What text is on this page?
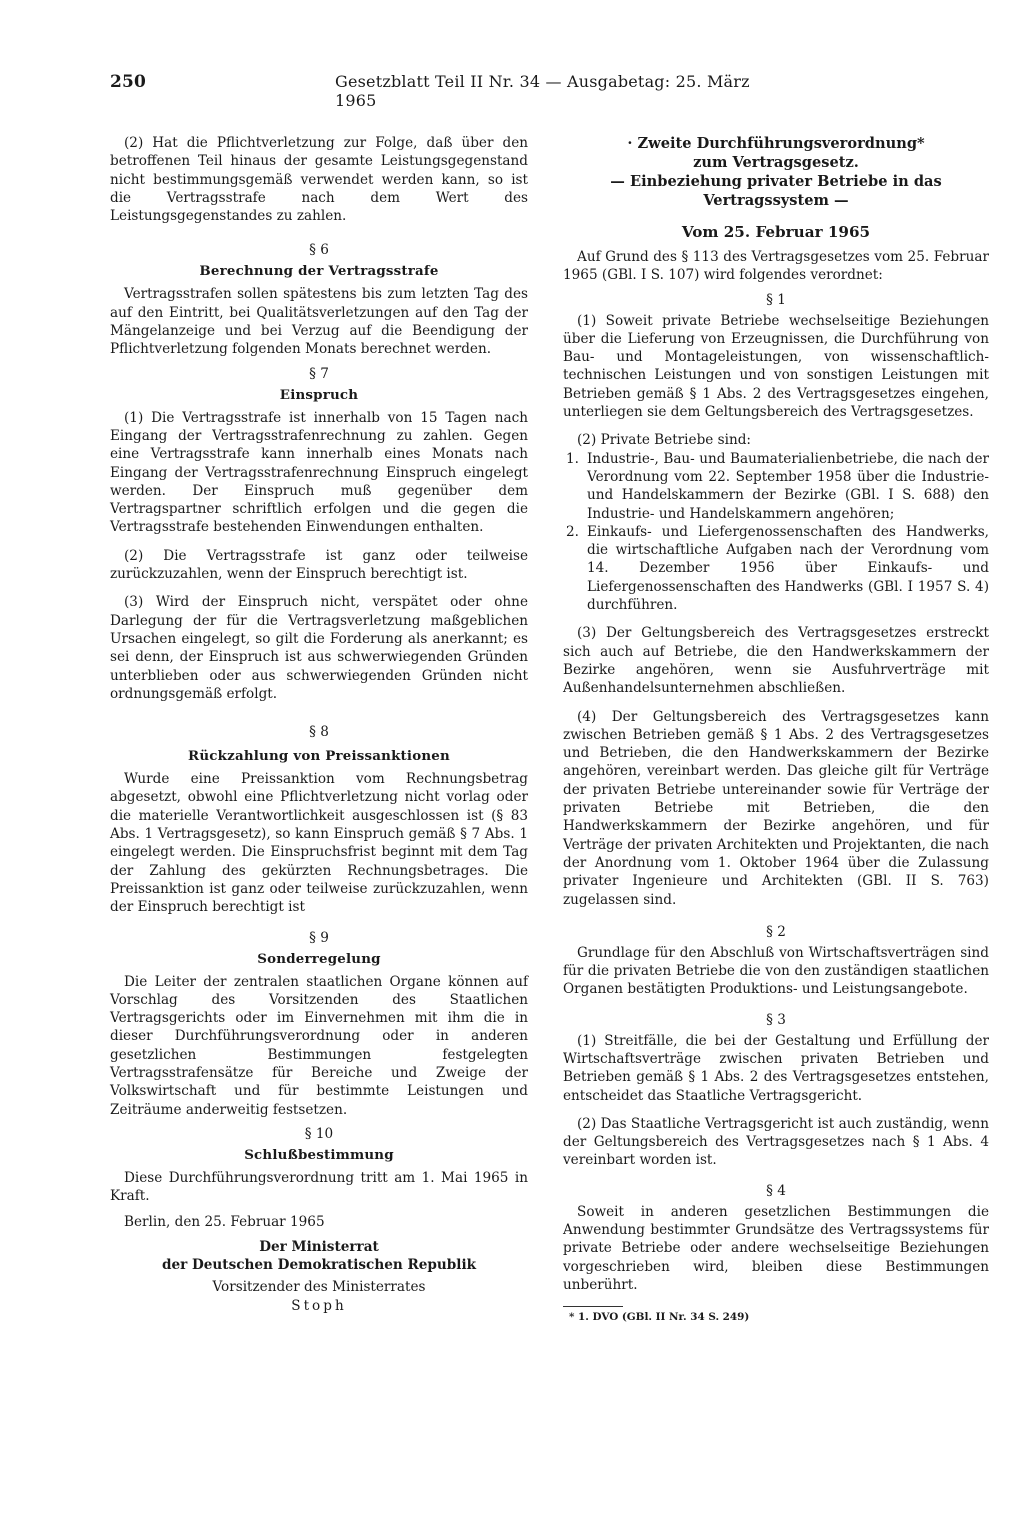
250	Gesetzblatt Teil II Nr. 34 — Ausgabetag: 25. März 1965

(2) Hat die Pflichtverletzung zur Folge, daß über den betroffenen Teil hinaus der gesamte Leistungsgegenstand nicht bestimmungsgemäß verwendet werden kann, so ist die Vertragsstrafe nach dem Wert des Leistungsgegenstandes zu zahlen.

§ 6
Berechnung der Vertragsstrafe

Vertragsstrafen sollen spätestens bis zum letzten Tag des auf den Eintritt, bei Qualitätsverletzungen auf den Tag der Mängelanzeige und bei Verzug auf die Beendigung der Pflichtverletzung folgenden Monats berechnet werden.

§ 7
Einspruch

(1) Die Vertragsstrafe ist innerhalb von 15 Tagen nach Eingang der Vertragsstrafenrechnung zu zahlen. Gegen eine Vertragsstrafe kann innerhalb eines Monats nach Eingang der Vertragsstrafenrechnung Einspruch eingelegt werden. Der Einspruch muß gegenüber dem Vertragspartner schriftlich erfolgen und die gegen die Vertragsstrafe bestehenden Einwendungen enthalten.

(2) Die Vertragsstrafe ist ganz oder teilweise zurückzuzahlen, wenn der Einspruch berechtigt ist.

(3) Wird der Einspruch nicht, verspätet oder ohne Darlegung der für die Vertragsverletzung maßgeblichen Ursachen eingelegt, so gilt die Forderung als anerkannt; es sei denn, der Einspruch ist aus schwerwiegenden Gründen unterblieben oder aus schwerwiegenden Gründen nicht ordnungsgemäß erfolgt.

§ 8
Rückzahlung von Preissanktionen

Wurde eine Preissanktion vom Rechnungsbetrag abgesetzt, obwohl eine Pflichtverletzung nicht vorlag oder die materielle Verantwortlichkeit ausgeschlossen ist (§ 83 Abs. 1 Vertragsgesetz), so kann Einspruch gemäß § 7 Abs. 1 eingelegt werden. Die Einspruchsfrist beginnt mit dem Tag der Zahlung des gekürzten Rechnungsbetrages. Die Preissanktion ist ganz oder teilweise zurückzuzahlen, wenn der Einspruch berechtigt ist

§ 9
Sonderregelung

Die Leiter der zentralen staatlichen Organe können auf Vorschlag des Vorsitzenden des Staatlichen Vertragsgerichts oder im Einvernehmen mit ihm die in dieser Durchführungsverordnung oder in anderen gesetzlichen Bestimmungen festgelegten Vertragsstrafensätze für Bereiche und Zweige der Volkswirtschaft und für bestimmte Leistungen und Zeiträume anderweitig festsetzen.

§ 10
Schlußbestimmung

Diese Durchführungsverordnung tritt am 1. Mai 1965 in Kraft.

Berlin, den 25. Februar 1965

Der Ministerrat
der Deutschen Demokratischen Republik
Vorsitzender des Ministerrates
Stoph
· Zweite Durchführungsverordnung*
zum Vertragsgesetz.
— Einbeziehung privater Betriebe in das
Vertragssystem —
Vom 25. Februar 1965

Auf Grund des § 113 des Vertragsgesetzes vom 25. Februar 1965 (GBl. I S. 107) wird folgendes verordnet:

§ 1

(1) Soweit private Betriebe wechselseitige Beziehungen über die Lieferung von Erzeugnissen, die Durchführung von Bau- und Montageleistungen, von wissenschaftlich-technischen Leistungen und von sonstigen Leistungen mit Betrieben gemäß § 1 Abs. 2 des Vertragsgesetzes eingehen, unterliegen sie dem Geltungsbereich des Vertragsgesetzes.

(2) Private Betriebe sind:

1. Industrie-, Bau- und Baumaterialienbetriebe, die nach der Verordnung vom 22. September 1958 über die Industrie- und Handelskammern der Bezirke (GBl. I S. 688) den Industrie- und Handelskammern angehören;

2. Einkaufs- und Liefergenossenschaften des Handwerks, die wirtschaftliche Aufgaben nach der Verordnung vom 14. Dezember 1956 über Einkaufs- und Liefergenossenschaften des Handwerks (GBl. I 1957 S. 4) durchführen.

(3) Der Geltungsbereich des Vertragsgesetzes erstreckt sich auch auf Betriebe, die den Handwerkskammern der Bezirke angehören, wenn sie Ausfuhrverträge mit Außenhandelsunternehmen abschließen.

(4) Der Geltungsbereich des Vertragsgesetzes kann zwischen Betrieben gemäß § 1 Abs. 2 des Vertragsgesetzes und Betrieben, die den Handwerkskammern der Bezirke angehören, vereinbart werden. Das gleiche gilt für Verträge der privaten Betriebe untereinander sowie für Verträge der privaten Betriebe mit Betrieben, die den Handwerkskammern der Bezirke angehören, und für Verträge der privaten Architekten und Projektanten, die nach der Anordnung vom 1. Oktober 1964 über die Zulassung privater Ingenieure und Architekten (GBl. II S. 763) zugelassen sind.

§ 2

Grundlage für den Abschluß von Wirtschaftsverträgen sind für die privaten Betriebe die von den zuständigen staatlichen Organen bestätigten Produktions- und Leistungsangebote.

§ 3

(1) Streitfälle, die bei der Gestaltung und Erfüllung der Wirtschaftsverträge zwischen privaten Betrieben und Betrieben gemäß § 1 Abs. 2 des Vertragsgesetzes entstehen, entscheidet das Staatliche Vertragsgericht.

(2) Das Staatliche Vertragsgericht ist auch zuständig, wenn der Geltungsbereich des Vertragsgesetzes nach § 1 Abs. 4 vereinbart worden ist.

§ 4

Soweit in anderen gesetzlichen Bestimmungen die Anwendung bestimmter Grundsätze des Vertragssystems für private Betriebe oder andere wechselseitige Beziehungen vorgeschrieben wird, bleiben diese Bestimmungen unberührt.

* 1. DVO (GBl. II Nr. 34 S. 249)
